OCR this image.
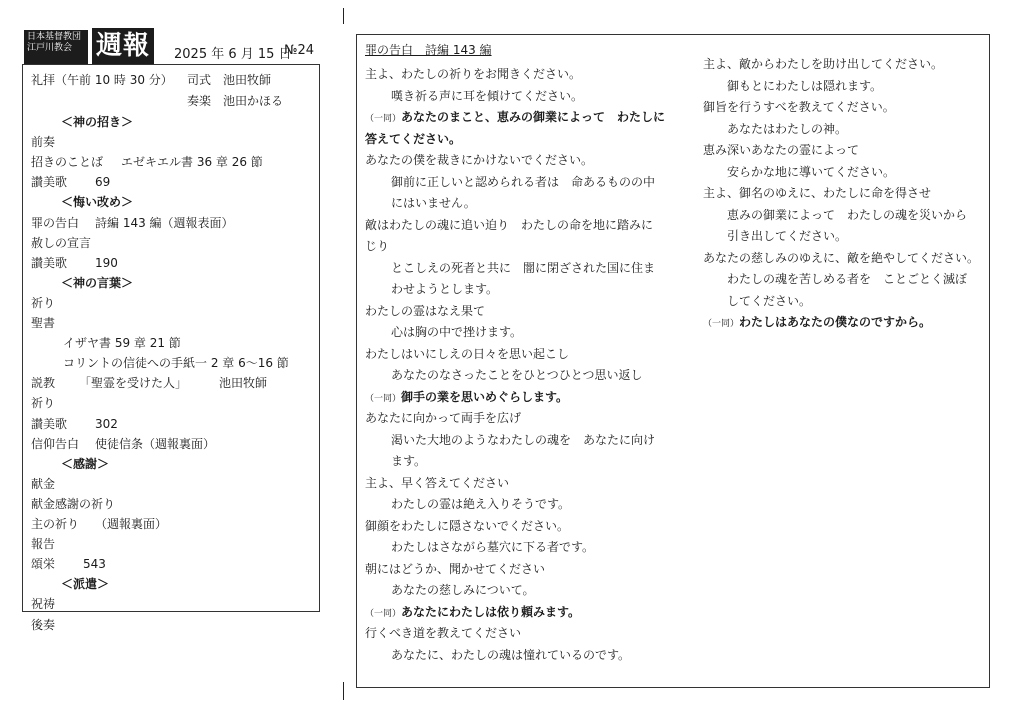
日本基督教団
江戸川教会 週報	2025 年 6 月 15 日
№24
礼拝（午前 10 時 30 分） 司式 池田牧師
奏楽 池田かほる
＜神の招き＞
前奏
招きのことば エゼキエル書 36 章 26 節
讃美歌 69
＜悔い改め＞
罪の告白 詩編 143 編（週報表面）
赦しの宣言
讃美歌 190
＜神の言葉＞
祈り
聖書
イザヤ書 59 章 21 節
コリントの信徒への手紙一 2 章 6～16 節
説教 「聖霊を受けた人」	池田牧師
祈り
讃美歌 302
信仰告白 使徒信条（週報裏面）
＜感謝＞
献金
献金感謝の祈り
主の祈り （週報裏面）
報告
頌栄 543
＜派遣＞
祝祷
後奏
罪の告白　詩編 143 編
主よ、わたしの祈りをお聞きください。
嘆き祈る声に耳を傾けてください。
（一同）あなたのまこと、恵みの御業によって　わたしに
答えてください。
あなたの僕を裁きにかけないでください。
御前に正しいと認められる者は　命あるものの中
にはいません。
敵はわたしの魂に追い迫り　わたしの命を地に踏みに
じり
とこしえの死者と共に　闇に閉ざされた国に住ま
わせようとします。
わたしの霊はなえ果て
心は胸の中で挫けます。
わたしはいにしえの日々を思い起こし
あなたのなさったことをひとつひとつ思い返し
（一同）御手の業を思いめぐらします。
あなたに向かって両手を広げ
渇いた大地のようなわたしの魂を　あなたに向け
ます。
主よ、早く答えてください
わたしの霊は絶え入りそうです。
御顔をわたしに隠さないでください。
わたしはさながら墓穴に下る者です。
朝にはどうか、聞かせてください
あなたの慈しみについて。
（一同）あなたにわたしは依り頼みます。
行くべき道を教えてください
あなたに、わたしの魂は憧れているのです。
主よ、敵からわたしを助け出してください。
御もとにわたしは隠れます。
御旨を行うすべを教えてください。
あなたはわたしの神。
恵み深いあなたの霊によって
安らかな地に導いてください。
主よ、御名のゆえに、わたしに命を得させ
恵みの御業によって　わたしの魂を災いから
引き出してください。
あなたの慈しみのゆえに、敵を絶やしてください。
わたしの魂を苦しめる者を　ことごとく滅ぼ
してください。
（一同）わたしはあなたの僕なのですから。
